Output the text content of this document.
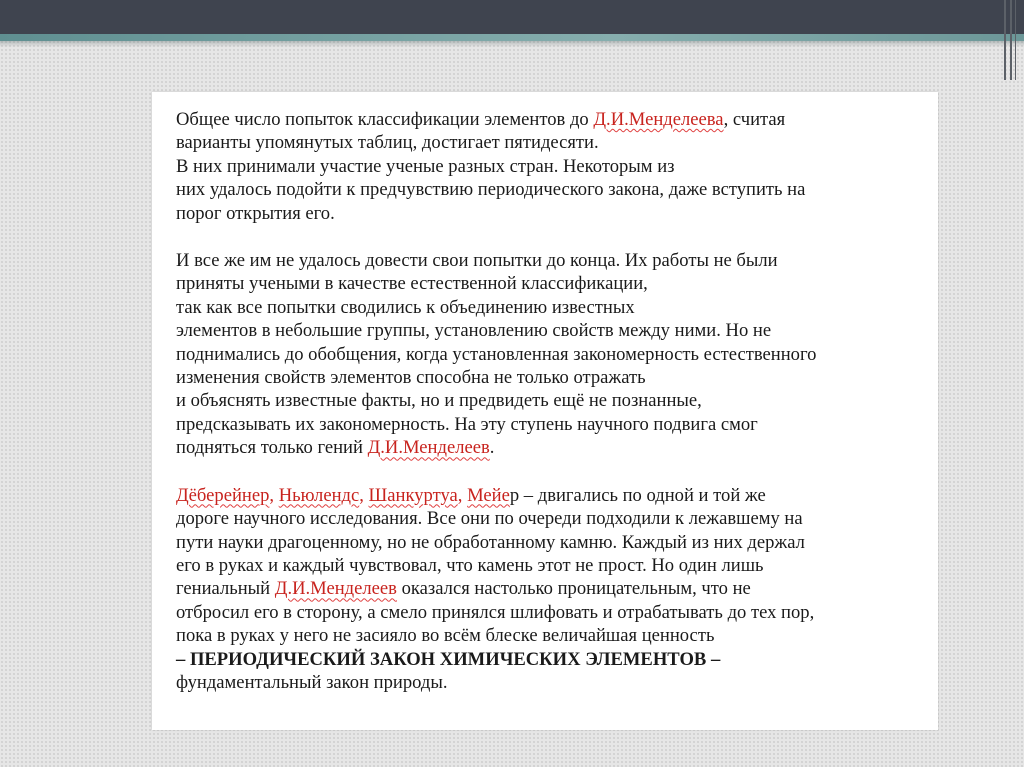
Общее число попыток классификации элементов до Д.И.Менделеева, считая
варианты упомянутых таблиц, достигает пятидесяти.
В них принимали участие ученые разных стран. Некоторым из
них удалось подойти к предчувствию периодического закона, даже вступить на
порог открытия его.
И все же им не удалось довести свои попытки до конца. Их работы не были
приняты учеными в качестве естественной классификации,
так как все попытки сводились к объединению известных
элементов в небольшие группы, установлению свойств между ними. Но не
поднимались до обобщения, когда установленная закономерность естественного
изменения свойств элементов способна не только отражать
и объяснять известные факты, но и предвидеть ещё не познанные,
предсказывать их закономерность. На эту ступень научного подвига смог
подняться только гений Д.И.Менделеев.
Дёберейнер, Ньюлендс, Шанкуртуа, Мейер – двигались по одной и той же
дороге научного исследования. Все они по очереди подходили к лежавшему на
пути науки драгоценному, но не обработанному камню. Каждый из них держал
его в руках и каждый чувствовал, что камень этот не прост. Но один лишь
гениальный Д.И.Менделеев оказался настолько проницательным, что не
отбросил его в сторону, а смело принялся шлифовать и отрабатывать до тех пор,
пока в руках у него не засияло во всём блеске величайшая ценность
– ПЕРИОДИЧЕСКИЙ ЗАКОН ХИМИЧЕСКИХ ЭЛЕМЕНТОВ –
фундаментальный закон природы.
